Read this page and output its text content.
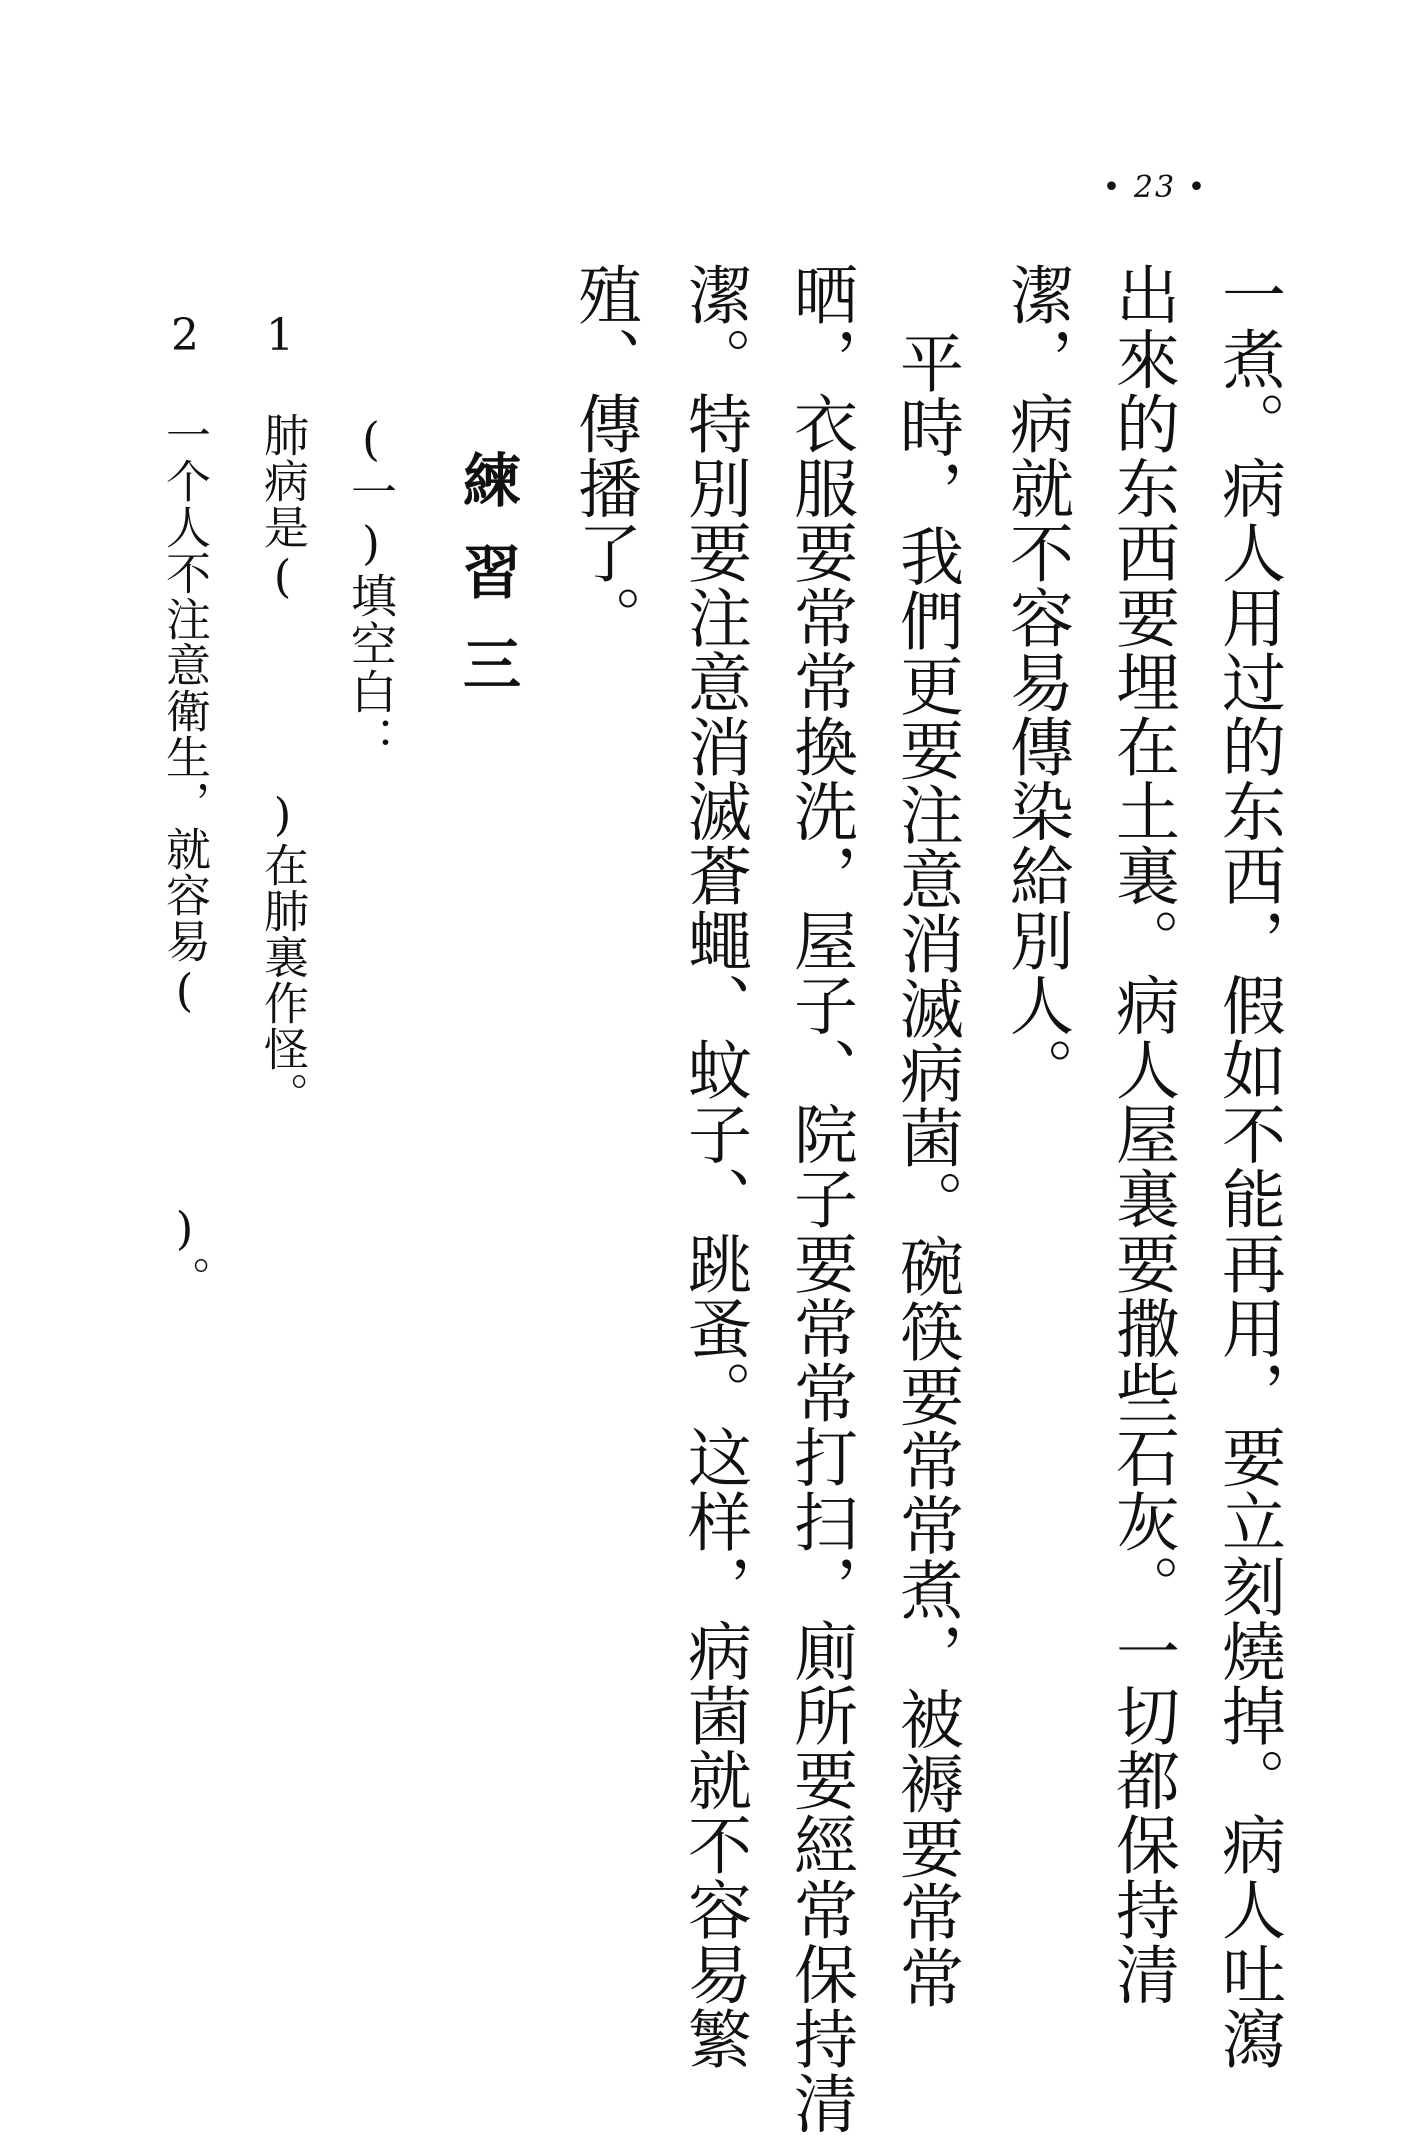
• 23 •
一煮。病人用过的东西，假如不能再用，要立刻燒掉。病人吐瀉
出來的东西要埋在土裏。病人屋裏要撒些石灰。一切都保持清
潔，病就不容易傳染給別人。
平時，我們更要注意消滅病菌。碗筷要常常煮，被褥要常常
晒，衣服要常常換洗，屋子、院子要常常打扫，廁所要經常保持清
潔。特別要注意消滅蒼蠅、蚊子、跳蚤。这样，病菌就不容易繁
殖、傳播了。
練習三
(一)填空白：
1
肺病是(　　　　)在肺裏作怪。
2
一个人不注意衛生，就容易(　　　　)。
